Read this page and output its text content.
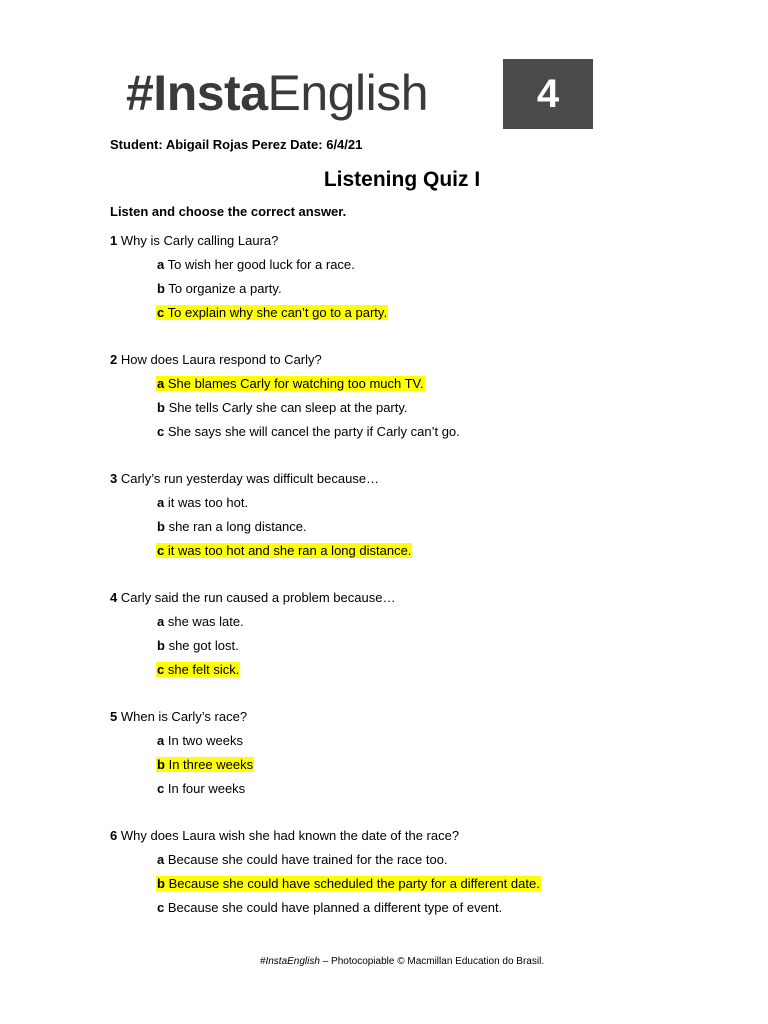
#InstaEnglish	4
Student: Abigail Rojas Perez Date: 6/4/21
Listening Quiz I
Listen and choose the correct answer.
1 Why is Carly calling Laura?
a To wish her good luck for a race.
b To organize a party.
c To explain why she can’t go to a party.
2 How does Laura respond to Carly?
a She blames Carly for watching too much TV.
b She tells Carly she can sleep at the party.
c She says she will cancel the party if Carly can’t go.
3 Carly’s run yesterday was difficult because…
a it was too hot.
b she ran a long distance.
c it was too hot and she ran a long distance.
4 Carly said the run caused a problem because…
a she was late.
b she got lost.
c she felt sick.
5 When is Carly’s race?
a In two weeks
b In three weeks
c In four weeks
6 Why does Laura wish she had known the date of the race?
a Because she could have trained for the race too.
b Because she could have scheduled the party for a different date.
c Because she could have planned a different type of event.
#InstaEnglish – Photocopiable © Macmillan Education do Brasil.
